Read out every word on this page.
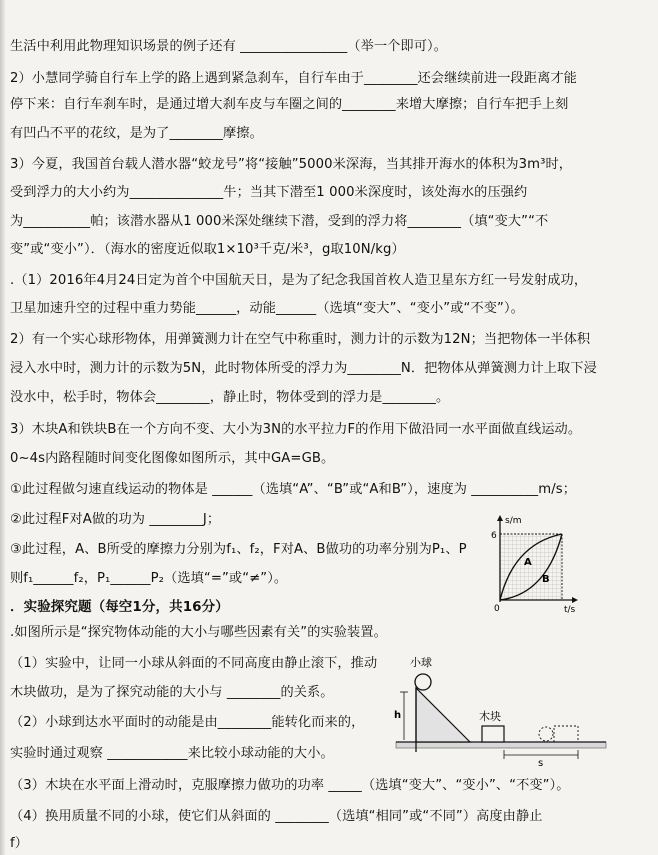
生活中利用此物理知识场景的例子还有 ________________（举一个即可）。
2）小慧同学骑自行车上学的路上遇到紧急刹车，自行车由于________还会继续前进一段距离才能
停下来：自行车刹车时，是通过增大刹车皮与车圈之间的________来增大摩擦；自行车把手上刻
有凹凸不平的花纹，是为了________摩擦。
3）今夏，我国首台载人潜水器“蛟龙号”将“接触”5000米深海，当其排开海水的体积为3m³时，
受到浮力的大小约为______________牛；当其下潜至1 000米深度时，该处海水的压强约
为__________帕；该潜水器从1 000米深处继续下潜，受到的浮力将________（填“变大”“不
变”或“变小”）．（海水的密度近似取1×10³千克/米³，g取10N/kg）
.（1）2016年4月24日定为首个中国航天日，是为了纪念我国首枚人造卫星东方红一号发射成功，
卫星加速升空的过程中重力势能______，动能______（选填“变大”、“变小”或“不变”）。
2）有一个实心球形物体，用弹簧测力计在空气中称重时，测力计的示数为12N；当把物体一半体积
浸入水中时，测力计的示数为5N，此时物体所受的浮力为________N．把物体从弹簧测力计上取下浸
没水中，松手时，物体会________，静止时，物体受到的浮力是________。
3）木块A和铁块B在一个方向不变、大小为3N的水平拉力F的作用下做沿同一水平面做直线运动。
0~4s内路程随时间变化图像如图所示，其中GA=GB。
①此过程做匀速直线运动的物体是 ______（选填“A”、“B”或“A和B”），速度为 __________m/s；
②此过程F对A做的功为 ________J；
③此过程，A、B所受的摩擦力分别为f₁、f₂，F对A、B做功的功率分别为P₁、P
则f₁______f₂，P₁______P₂（选填“=”或“≠”）。
．实验探究题（每空1分，共16分）
.如图所示是“探究物体动能的大小与哪些因素有关”的实验装置。
（1）实验中，让同一小球从斜面的不同高度由静止滚下，推动
木块做功，是为了探究动能的大小与 ________的关系。
（2）小球到达水平面时的动能是由________能转化而来的，
实验时通过观察 ____________来比较小球动能的大小。
（3）木块在水平面上滑动时，克服摩擦力做功的功率 _____（选填“变大”、“变小”、“不变”）。
（4）换用质量不同的小球，使它们从斜面的 ________（选填“相同”或“不同”）高度由静止
f）
s/m
t/s
0
6
A
B
小球
木块
h
s
